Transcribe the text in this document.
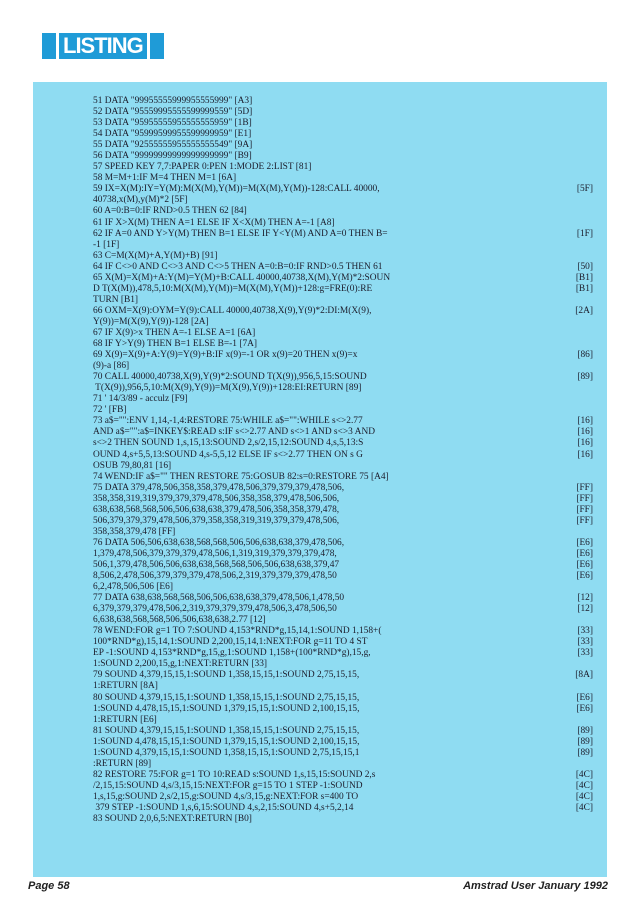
LISTING
51 DATA "99955555999955555999" [A3]
52 DATA "95559995555599999559" [5D]
53 DATA "95955555955555555959" [1B]
54 DATA "95999599955599999959" [E1]
55 DATA "92555555955555555549" [9A]
56 DATA "99999999999999999999" [B9]
57 SPEED KEY 7,7:PAPER 0:PEN 1:MODE 2:LIST [81]
58 M=M+1:IF M=4 THEN M=1 [6A]
59 IX=X(M):IY=Y(M):M(X(M),Y(M))=M(X(M),Y(M))-128:CALL 40000,	[5F]
40738,x(M),y(M)*2 [5F]
60 A=0:B=0:IF RND>0.5 THEN 62 [84]
61 IF X>X(M) THEN A=1 ELSE IF X<X(M) THEN A=-1 [A8]
62 IF A=0 AND Y>Y(M) THEN B=1 ELSE IF Y<Y(M) AND A=0 THEN B=	[1F]
-1 [1F]
63 C=M(X(M)+A,Y(M)+B) [91]
64 IF C<>0 AND C<>3 AND C<>5 THEN A=0:B=0:IF RND>0.5 THEN 61	[50]
65 X(M)=X(M)+A:Y(M)=Y(M)+B:CALL 40000,40738,X(M),Y(M)*2:SOUN	[B1]
D T(X(M)),478,5,10:M(X(M),Y(M))=M(X(M),Y(M))+128:g=FRE(0):RE	[B1]
TURN [B1]
66 OXM=X(9):OYM=Y(9):CALL 40000,40738,X(9),Y(9)*2:DI:M(X(9),	[2A]
Y(9))=M(X(9),Y(9))-128 [2A]
67 IF X(9)>x THEN A=-1 ELSE A=1 [6A]
68 IF Y>Y(9) THEN B=1 ELSE B=-1 [7A]
69 X(9)=X(9)+A:Y(9)=Y(9)+B:IF x(9)=-1 OR x(9)=20 THEN x(9)=x	[86]
(9)-a [86]
70 CALL 40000,40738,X(9),Y(9)*2:SOUND T(X(9)),956,5,15:SOUND	[89]
T(X(9)),956,5,10:M(X(9),Y(9))=M(X(9),Y(9))+128:EI:RETURN [89]
71 ' 14/3/89 - acculz [F9]
72 ' [FB]
73 a$="":ENV 1,14,-1,4:RESTORE 75:WHILE a$="":WHILE s<>2.77	[16]
AND a$="":a$=INKEY$:READ s:IF s<>2.77 AND s<>1 AND s<>3 AND	[16]
s<>2 THEN SOUND 1,s,15,13:SOUND 2,s/2,15,12:SOUND 4,s,5,13:S	[16]
OUND 4,s+5,5,13:SOUND 4,s-5,5,12 ELSE IF s<>2.77 THEN ON s G	[16]
OSUB 79,80,81 [16]
74 WEND:IF a$="" THEN RESTORE 75:GOSUB 82:s=0:RESTORE 75 [A4]
75 DATA 379,478,506,358,358,379,478,506,379,379,379,478,506,	[FF]
358,358,319,319,379,379,379,478,506,358,358,379,478,506,506,	[FF]
638,638,568,568,506,506,638,638,379,478,506,358,358,379,478,	[FF]
506,379,379,379,478,506,379,358,358,319,319,379,379,478,506,	[FF]
358,358,379,478 [FF]
76 DATA 506,506,638,638,568,568,506,506,638,638,379,478,506,	[E6]
1,379,478,506,379,379,379,478,506,1,319,319,379,379,379,478,	[E6]
506,1,379,478,506,506,638,638,568,568,506,506,638,638,379,47	[E6]
8,506,2,478,506,379,379,379,478,506,2,319,379,379,379,478,50	[E6]
6,2,478,506,506 [E6]
77 DATA 638,638,568,568,506,506,638,638,379,478,506,1,478,50	[12]
6,379,379,379,478,506,2,319,379,379,379,478,506,3,478,506,50	[12]
6,638,638,568,568,506,506,638,638,2.77 [12]
78 WEND:FOR g=1 TO 7:SOUND 4,153*RND*g,15,14,1:SOUND 1,158+(	[33]
100*RND*g),15,14,1:SOUND 2,200,15,14,1:NEXT:FOR g=11 TO 4 ST	[33]
EP -1:SOUND 4,153*RND*g,15,g,1:SOUND 1,158+(100*RND*g),15,g,	[33]
1:SOUND 2,200,15,g,1:NEXT:RETURN [33]
79 SOUND 4,379,15,15,1:SOUND 1,358,15,15,1:SOUND 2,75,15,15,	[8A]
1:RETURN [8A]
80 SOUND 4,379,15,15,1:SOUND 1,358,15,15,1:SOUND 2,75,15,15,	[E6]
1:SOUND 4,478,15,15,1:SOUND 1,379,15,15,1:SOUND 2,100,15,15,	[E6]
1:RETURN [E6]
81 SOUND 4,379,15,15,1:SOUND 1,358,15,15,1:SOUND 2,75,15,15,	[89]
1:SOUND 4,478,15,15,1:SOUND 1,379,15,15,1:SOUND 2,100,15,15,	[89]
1:SOUND 4,379,15,15,1:SOUND 1,358,15,15,1:SOUND 2,75,15,15,1	[89]
:RETURN [89]
82 RESTORE 75:FOR g=1 TO 10:READ s:SOUND 1,s,15,15:SOUND 2,s	[4C]
/2,15,15:SOUND 4,s/3,15,15:NEXT:FOR g=15 TO 1 STEP -1:SOUND	[4C]
1,s,15,g:SOUND 2,s/2,15,g:SOUND 4,s/3,15,g:NEXT:FOR s=400 TO	[4C]
379 STEP -1:SOUND 1,s,6,15:SOUND 4,s,2,15:SOUND 4,s+5,2,14	[4C]
83 SOUND 2,0,6,5:NEXT:RETURN [B0]
Page 58	Amstrad User January 1992
